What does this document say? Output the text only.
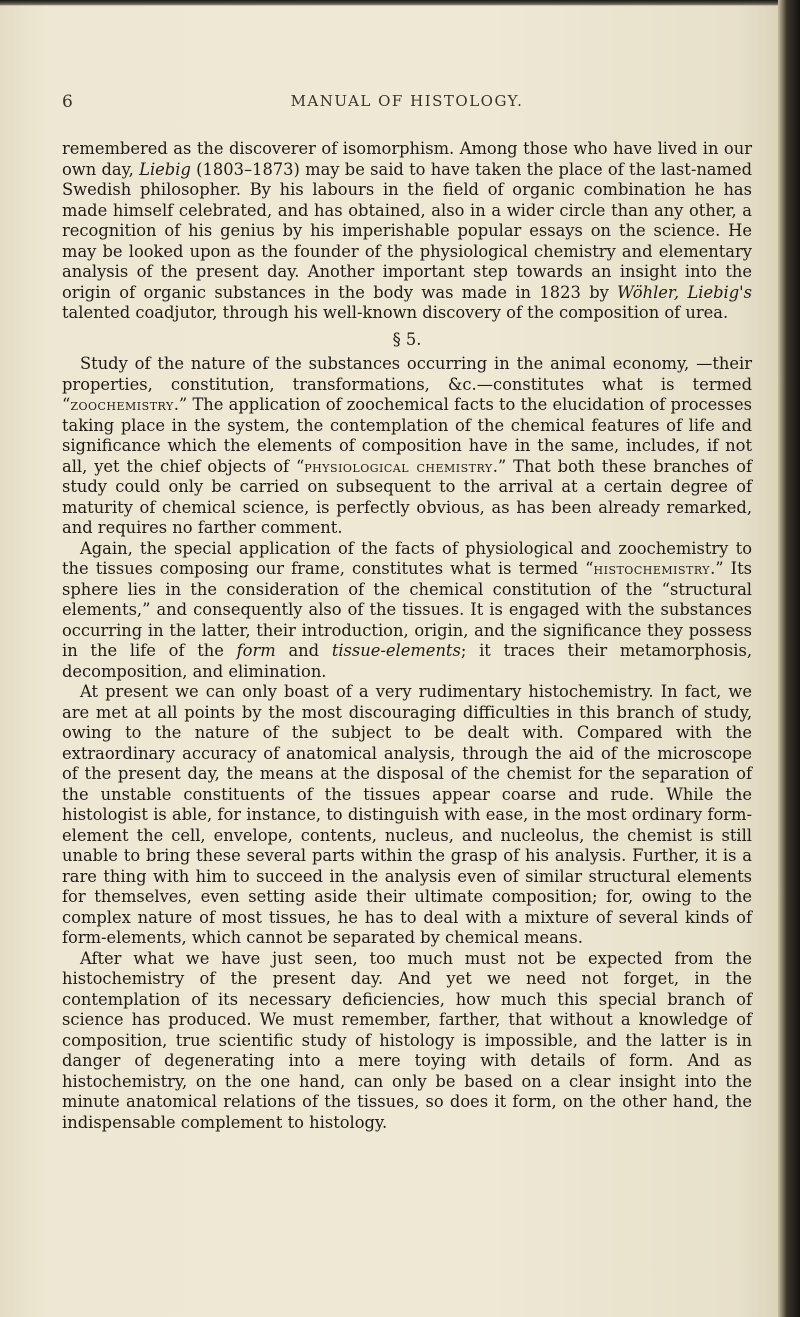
6	MANUAL OF HISTOLOGY.

remembered as the discoverer of isomorphism. Among those who have lived in our own day, Liebig (1803–1873) may be said to have taken the place of the last-named Swedish philosopher. By his labours in the field of organic combination he has made himself celebrated, and has obtained, also in a wider circle than any other, a recognition of his genius by his imperishable popular essays on the science. He may be looked upon as the founder of the physiological chemistry and elementary analysis of the present day. Another important step towards an insight into the origin of organic substances in the body was made in 1823 by Wöhler, Liebig's talented coadjutor, through his well-known discovery of the composition of urea.

§ 5.

Study of the nature of the substances occurring in the animal economy, —their properties, constitution, transformations, &c.—constitutes what is termed “zoochemistry.” The application of zoochemical facts to the elucidation of processes taking place in the system, the contemplation of the chemical features of life and significance which the elements of composition have in the same, includes, if not all, yet the chief objects of “physiological chemistry.” That both these branches of study could only be carried on subsequent to the arrival at a certain degree of maturity of chemical science, is perfectly obvious, as has been already remarked, and requires no farther comment.

Again, the special application of the facts of physiological and zoochemistry to the tissues composing our frame, constitutes what is termed “histochemistry.” Its sphere lies in the consideration of the chemical constitution of the “structural elements,” and consequently also of the tissues. It is engaged with the substances occurring in the latter, their introduction, origin, and the significance they possess in the life of the form and tissue-elements; it traces their metamorphosis, decomposition, and elimination.

At present we can only boast of a very rudimentary histochemistry. In fact, we are met at all points by the most discouraging difficulties in this branch of study, owing to the nature of the subject to be dealt with. Compared with the extraordinary accuracy of anatomical analysis, through the aid of the microscope of the present day, the means at the disposal of the chemist for the separation of the unstable constituents of the tissues appear coarse and rude. While the histologist is able, for instance, to distinguish with ease, in the most ordinary form-element the cell, envelope, contents, nucleus, and nucleolus, the chemist is still unable to bring these several parts within the grasp of his analysis. Further, it is a rare thing with him to succeed in the analysis even of similar structural elements for themselves, even setting aside their ultimate composition; for, owing to the complex nature of most tissues, he has to deal with a mixture of several kinds of form-elements, which cannot be separated by chemical means.

After what we have just seen, too much must not be expected from the histochemistry of the present day. And yet we need not forget, in the contemplation of its necessary deficiencies, how much this special branch of science has produced. We must remember, farther, that without a knowledge of composition, true scientific study of histology is impossible, and the latter is in danger of degenerating into a mere toying with details of form. And as histochemistry, on the one hand, can only be based on a clear insight into the minute anatomical relations of the tissues, so does it form, on the other hand, the indispensable complement to histology.
